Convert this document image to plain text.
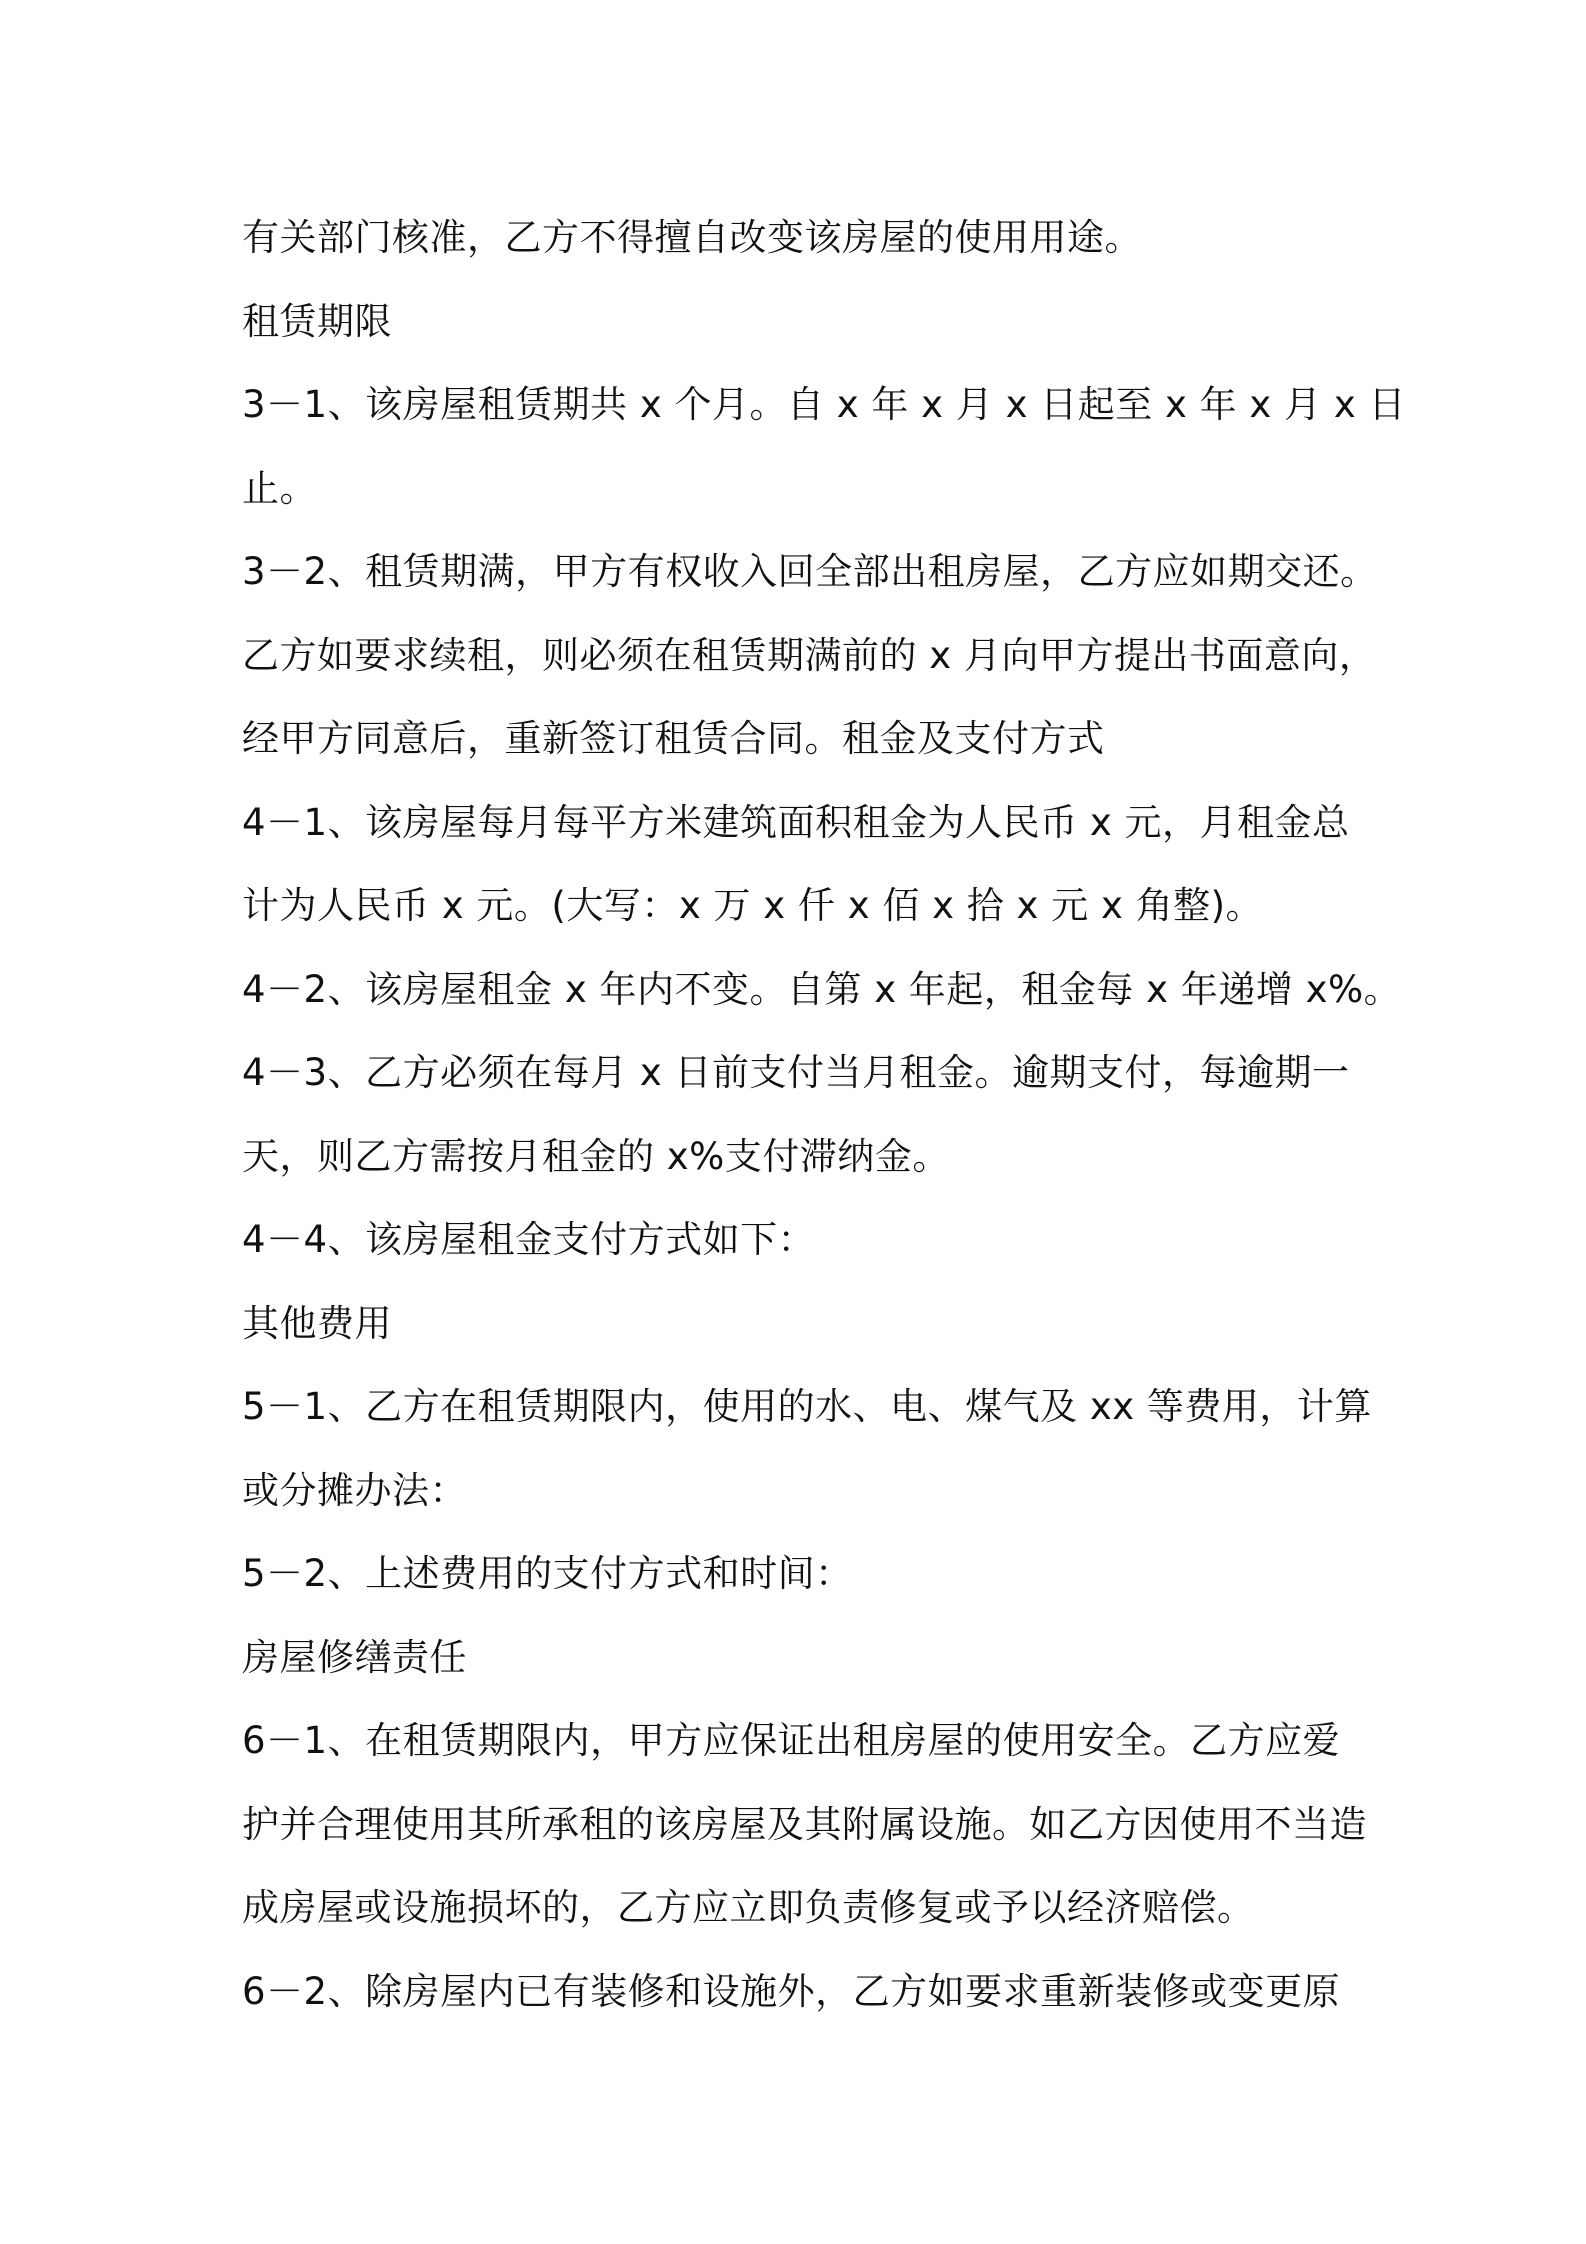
有关部门核准，乙方不得擅自改变该房屋的使用用途。
租赁期限
3－1、该房屋租赁期共 x 个月。自 x 年 x 月 x 日起至 x 年 x 月 x 日
止。
3－2、租赁期满，甲方有权收入回全部出租房屋，乙方应如期交还。
乙方如要求续租，则必须在租赁期满前的 x 月向甲方提出书面意向，
经甲方同意后，重新签订租赁合同。租金及支付方式
4－1、该房屋每月每平方米建筑面积租金为人民币 x 元，月租金总
计为人民币 x 元。(大写：x 万 x 仟 x 佰 x 拾 x 元 x 角整)。
4－2、该房屋租金 x 年内不变。自第 x 年起，租金每 x 年递增 x%。
4－3、乙方必须在每月 x 日前支付当月租金。逾期支付，每逾期一
天，则乙方需按月租金的 x%支付滞纳金。
4－4、该房屋租金支付方式如下：
其他费用
5－1、乙方在租赁期限内，使用的水、电、煤气及 xx 等费用，计算
或分摊办法：
5－2、上述费用的支付方式和时间：
房屋修缮责任
6－1、在租赁期限内，甲方应保证出租房屋的使用安全。乙方应爱
护并合理使用其所承租的该房屋及其附属设施。如乙方因使用不当造
成房屋或设施损坏的，乙方应立即负责修复或予以经济赔偿。
6－2、除房屋内已有装修和设施外，乙方如要求重新装修或变更原
